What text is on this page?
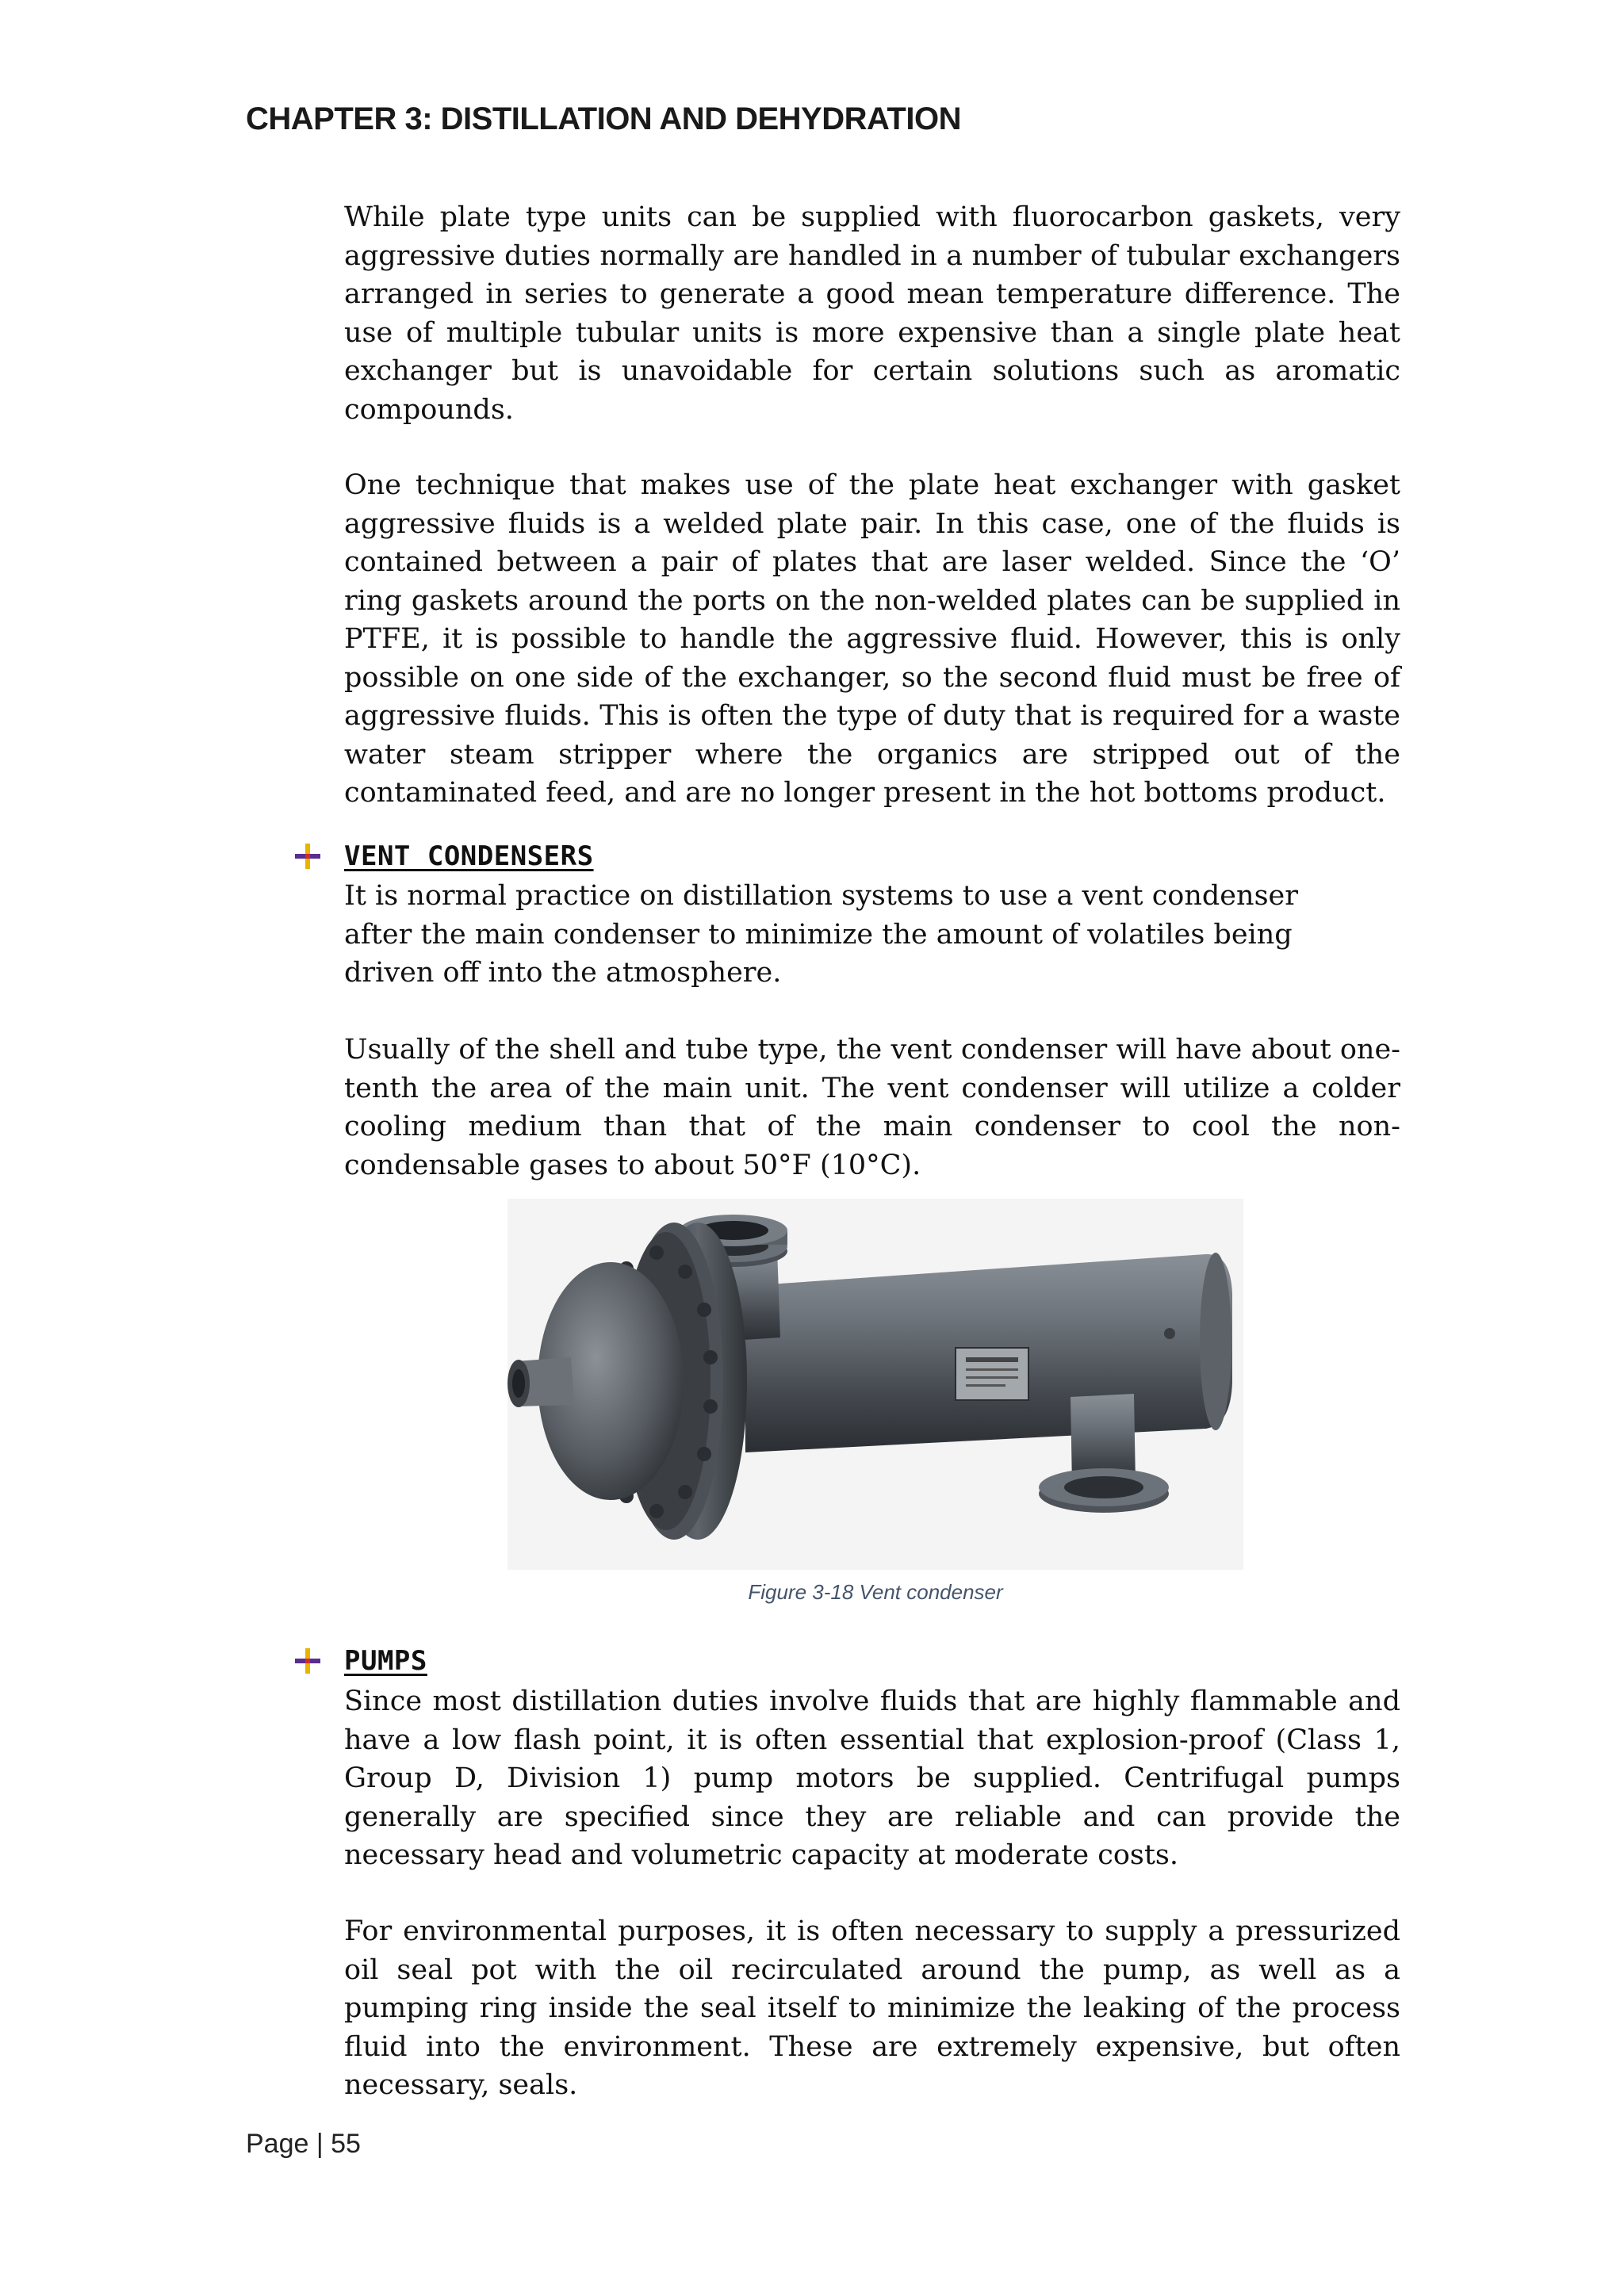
CHAPTER 3: DISTILLATION AND DEHYDRATION

While plate type units can be supplied with fluorocarbon gaskets, very aggressive duties normally are handled in a number of tubular exchangers arranged in series to generate a good mean temperature difference. The use of multiple tubular units is more expensive than a single plate heat exchanger but is unavoidable for certain solutions such as aromatic compounds.

One technique that makes use of the plate heat exchanger with gasket aggressive fluids is a welded plate pair. In this case, one of the fluids is contained between a pair of plates that are laser welded. Since the ‘O’ ring gaskets around the ports on the non-welded plates can be supplied in PTFE, it is possible to handle the aggressive fluid. However, this is only possible on one side of the exchanger, so the second fluid must be free of aggressive fluids. This is often the type of duty that is required for a waste water steam stripper where the organics are stripped out of the contaminated feed, and are no longer present in the hot bottoms product.

VENT CONDENSERS

It is normal practice on distillation systems to use a vent condenser after the main condenser to minimize the amount of volatiles being driven off into the atmosphere.

Usually of the shell and tube type, the vent condenser will have about one-tenth the area of the main unit. The vent condenser will utilize a colder cooling medium than that of the main condenser to cool the non-condensable gases to about 50°F (10°C).

Figure 3-18 Vent condenser

PUMPS

Since most distillation duties involve fluids that are highly flammable and have a low flash point, it is often essential that explosion-proof (Class 1, Group D, Division 1) pump motors be supplied. Centrifugal pumps generally are specified since they are reliable and can provide the necessary head and volumetric capacity at moderate costs.

For environmental purposes, it is often necessary to supply a pressurized oil seal pot with the oil recirculated around the pump, as well as a pumping ring inside the seal itself to minimize the leaking of the process fluid into the environment. These are extremely expensive, but often necessary, seals.

Page | 55
